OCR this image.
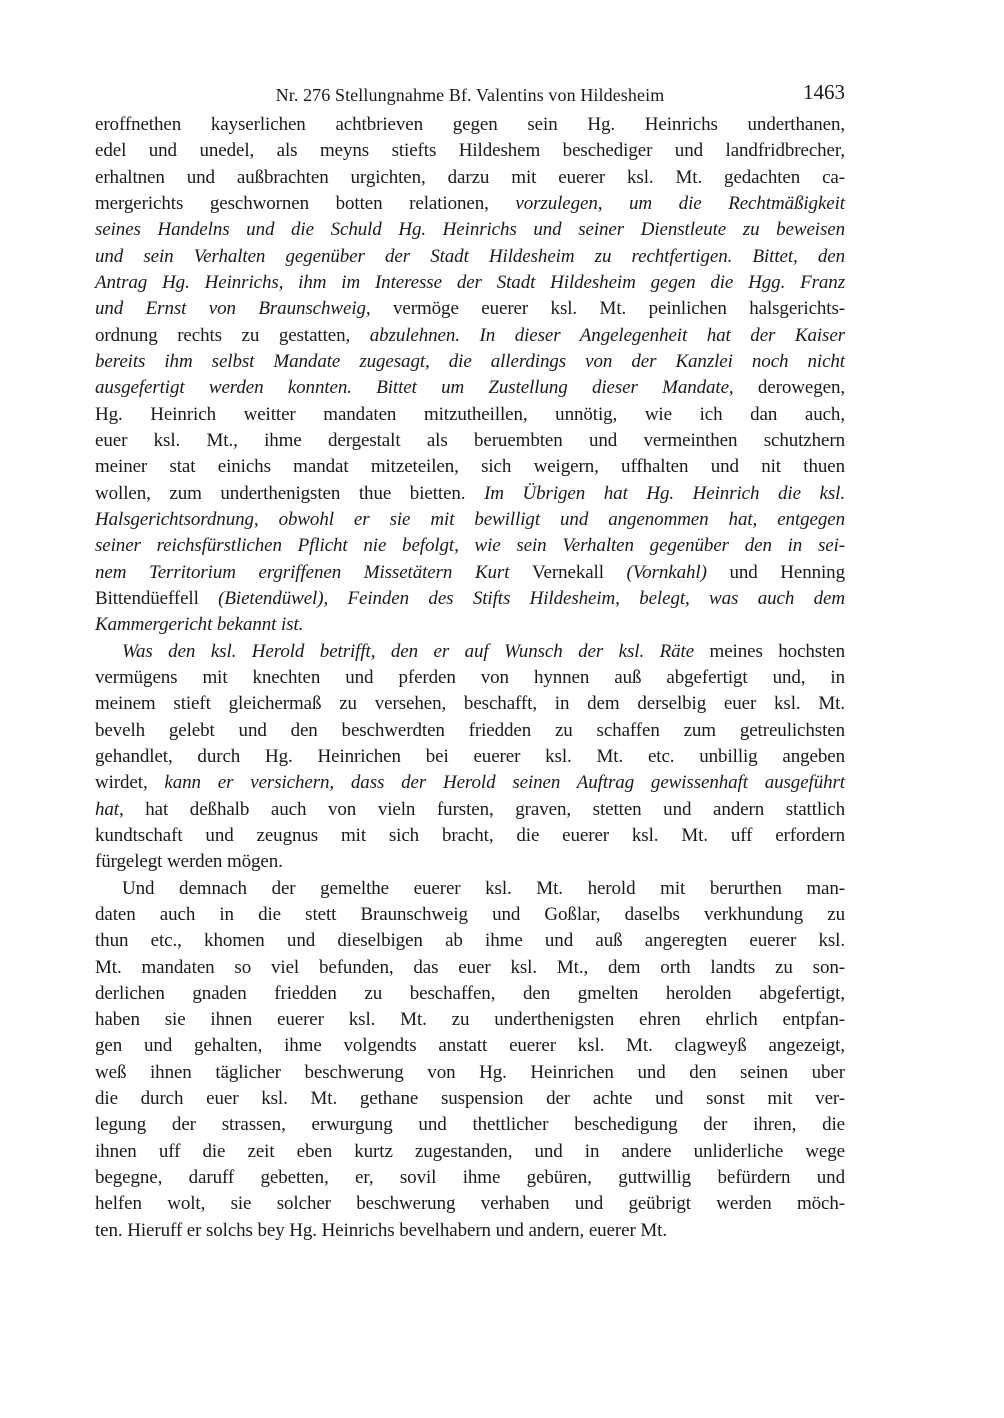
Nr. 276 Stellungnahme Bf. Valentins von Hildesheim	1463
eroffnethen kayserlichen achtbrieven gegen sein Hg. Heinrichs underthanen,
edel und unedel, als meyns stiefts Hildeshem beschediger und landfridbrecher,
erhaltnen und außbrachten urgichten, darzu mit euerer ksl. Mt. gedachten ca-
mergerichts geschwornen botten relationen, vorzulegen, um die Rechtmäßigkeit
seines Handelns und die Schuld Hg. Heinrichs und seiner Dienstleute zu beweisen
und sein Verhalten gegenüber der Stadt Hildesheim zu rechtfertigen. Bittet, den
Antrag Hg. Heinrichs, ihm im Interesse der Stadt Hildesheim gegen die Hgg. Franz
und Ernst von Braunschweig, vermöge euerer ksl. Mt. peinlichen halsgerichts-
ordnung rechts zu gestatten, abzulehnen. In dieser Angelegenheit hat der Kaiser
bereits ihm selbst Mandate zugesagt, die allerdings von der Kanzlei noch nicht
ausgefertigt werden konnten. Bittet um Zustellung dieser Mandate, derowegen,
Hg. Heinrich weitter mandaten mitzutheillen, unnötig, wie ich dan auch,
euer ksl. Mt., ihme dergestalt als beruembten und vermeinthen schutzhern
meiner stat einichs mandat mitzeteilen, sich weigern, uffhalten und nit thuen
wollen, zum underthenigsten thue bietten. Im Übrigen hat Hg. Heinrich die ksl.
Halsgerichtsordnung, obwohl er sie mit bewilligt und angenommen hat, entgegen
seiner reichsfürstlichen Pflicht nie befolgt, wie sein Verhalten gegenüber den in sei-
nem Territorium ergriffenen Missetätern Kurt Vernekall (Vornkahl) und Henning
Bittendüeffell (Bietendüwel), Feinden des Stifts Hildesheim, belegt, was auch dem
Kammergericht bekannt ist.
Was den ksl. Herold betrifft, den er auf Wunsch der ksl. Räte meines hochsten
vermügens mit knechten und pferden von hynnen auß abgefertigt und, in
meinem stieft gleichermaß zu versehen, beschafft, in dem derselbig euer ksl. Mt.
bevelh gelebt und den beschwerdten friedden zu schaffen zum getreulichsten
gehandlet, durch Hg. Heinrichen bei euerer ksl. Mt. etc. unbillig angeben
wirdet, kann er versichern, dass der Herold seinen Auftrag gewissenhaft ausgeführt
hat, hat deßhalb auch von vieln fursten, graven, stetten und andern stattlich
kundtschaft und zeugnus mit sich bracht, die euerer ksl. Mt. uff erfordern
fürgelegt werden mögen.
Und demnach der gemelthe euerer ksl. Mt. herold mit berurthen man-
daten auch in die stett Braunschweig und Goßlar, daselbs verkhundung zu
thun etc., khomen und dieselbigen ab ihme und auß angeregten euerer ksl.
Mt. mandaten so viel befunden, das euer ksl. Mt., dem orth landts zu son-
derlichen gnaden friedden zu beschaffen, den gmelten herolden abgefertigt,
haben sie ihnen euerer ksl. Mt. zu underthenigsten ehren ehrlich entpfan-
gen und gehalten, ihme volgendts anstatt euerer ksl. Mt. clagweyß angezeigt,
weß ihnen täglicher beschwerung von Hg. Heinrichen und den seinen uber
die durch euer ksl. Mt. gethane suspension der achte und sonst mit ver-
legung der strassen, erwurgung und thettlicher beschedigung der ihren, die
ihnen uff die zeit eben kurtz zugestanden, und in andere unliderliche wege
begegne, daruff gebetten, er, sovil ihme gebüren, guttwillig befürdern und
helfen wolt, sie solcher beschwerung verhaben und geübrigt werden möch-
ten. Hieruff er solchs bey Hg. Heinrichs bevelhabern und andern, euerer Mt.
